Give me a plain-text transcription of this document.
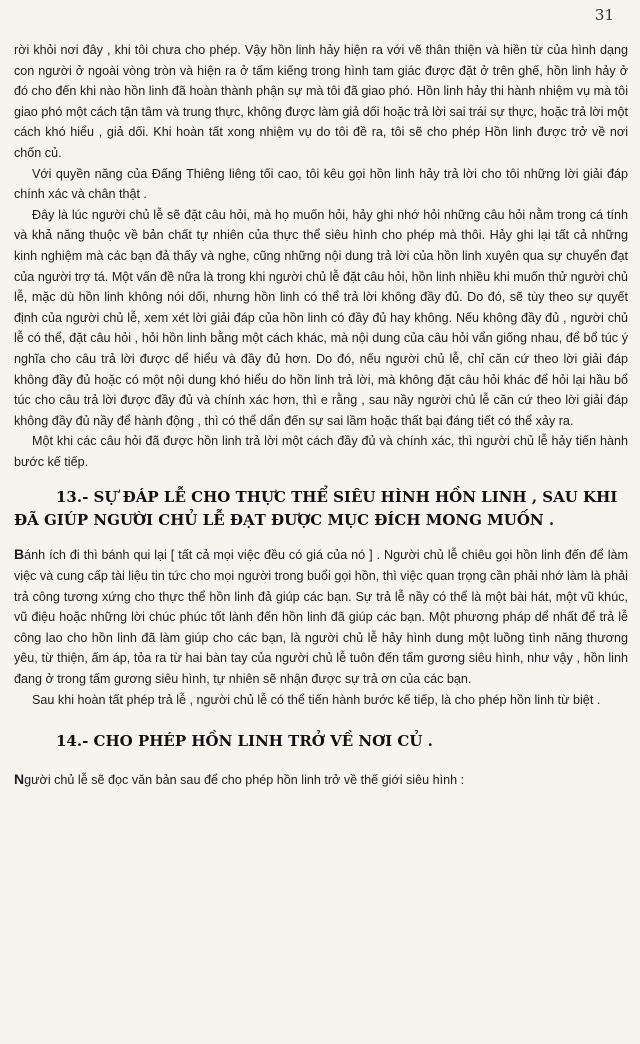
31

rời khỏi nơi đây , khi tôi chưa cho phép. Vậy hồn linh hảy hiện ra với vẽ thân thiện và hiền từ của hình dạng con người ở ngoài vòng tròn và hiện ra ở tấm kiếng trong hình tam giác được đặt ở trên ghế, hồn linh hảy ở đó cho đến khi nào hồn linh đã hoàn thành phận sự mà tôi đã giao phó. Hồn linh hảy thi hành nhiệm vụ mà tôi giao phó một cách tận tâm và trung thực, không được làm giả dối hoặc trả lời sai trái sự thực, hoặc trả lời một cách khó hiểu , giả dối. Khi hoàn tất xong nhiệm vụ do tôi đề ra, tôi sẽ cho phép Hồn linh được trở về nơi chốn củ.

Với quyền năng của Đấng Thiêng liêng tối cao, tôi kêu gọi hồn linh hảy trả lời cho tôi những lời giải đáp chính xác và chân thật .

Đây là lúc người chủ lễ sẽ đặt câu hỏi, mà họ muốn hỏi, hảy ghi nhớ hỏi những câu hỏi nằm trong cá tính và khả năng thuộc về bản chất tự nhiên của thực thể siêu hình cho phép mà thôi. Hảy ghi lại tất cả những kinh nghiệm mà các bạn đả thấy và nghe, cũng những nội dung trả lời của hồn linh xuyên qua sự chuyển đạt của người trợ tá. Một vấn đề nữa là trong khi người chủ lễ đặt câu hỏi, hồn linh nhiều khi muốn thử người chủ lễ, mặc dù hồn linh không nói dối, nhưng hồn linh có thể trả lời không đầy đủ. Do đó, sẽ tùy theo sự quyết định của người chủ lễ, xem xét lời giải đáp của hồn linh có đầy đủ hay không. Nếu không đầy đủ , người chủ lễ có thể, đặt câu hỏi , hỏi hồn linh bằng một cách khác, mà nội dung của câu hỏi vẩn giống nhau, để bổ túc ý nghĩa cho câu trả lời được dể hiểu và đầy đủ hơn. Do đó, nếu người chủ lễ, chỉ căn cứ theo lời giải đáp không đầy đủ hoặc có một nội dung khó hiểu do hồn linh trả lời, mà không đặt câu hỏi khác để hỏi lại hầu bổ túc cho câu trả lời được đầy đủ và chính xác hơn, thì e rằng , sau nầy người chủ lễ căn cứ theo lời giải đáp không đầy đủ nầy để hành động , thì có thể dẩn đến sự sai lầm hoặc thất bại đáng tiết có thể xảy ra.

Một khi các câu hỏi đã được hồn linh trả lời một cách đầy đủ và chính xác, thì người chủ lễ hảy tiến hành bước kế tiếp.

13.- SỰ ĐÁP LỄ CHO THỰC THỂ SIÊU HÌNH HỒN LINH , SAU KHI
ĐÃ GIÚP NGƯỜI CHỦ LỄ ĐẠT ĐƯỢC MỤC ĐÍCH MONG MUỐN .

Bánh ích đi thì bánh qui lại [ tất cả mọi việc đều có giá của nó ] . Người chủ lễ chiêu gọi hồn linh đến để làm việc và cung cấp tài liệu tin tức cho mọi người trong buổi gọi hồn, thì việc quan trọng cần phải nhớ làm là phải trả công tương xứng cho thực thể hồn linh đả giúp các bạn. Sự trả lễ nầy có thể là một bài hát, một vũ khúc, vũ điệu hoặc những lời chúc phúc tốt lành đến hồn linh đã giúp các bạn. Một phương pháp dể nhất để trả lễ công lao cho hồn linh đã làm giúp cho các bạn, là người chủ lễ hảy hình dung một luồng tình năng thương yêu, từ thiện, ấm áp, tỏa ra từ hai bàn tay của người chủ lễ tuôn đến tấm gương siêu hình, như vậy , hồn linh đang ở trong tấm gương siêu hình, tự nhiên sẽ nhận được sự trả ơn của các bạn.

Sau khi hoàn tất phép trả lễ , người chủ lễ có thể tiến hành bước kế tiếp, là cho phép hồn linh từ biệt .

14.- CHO PHÉP HỒN LINH TRỞ VỀ NƠI CỦ .

Người chủ lễ sẽ đọc văn bản sau để cho phép hồn linh trở về thế giới siêu hình :
